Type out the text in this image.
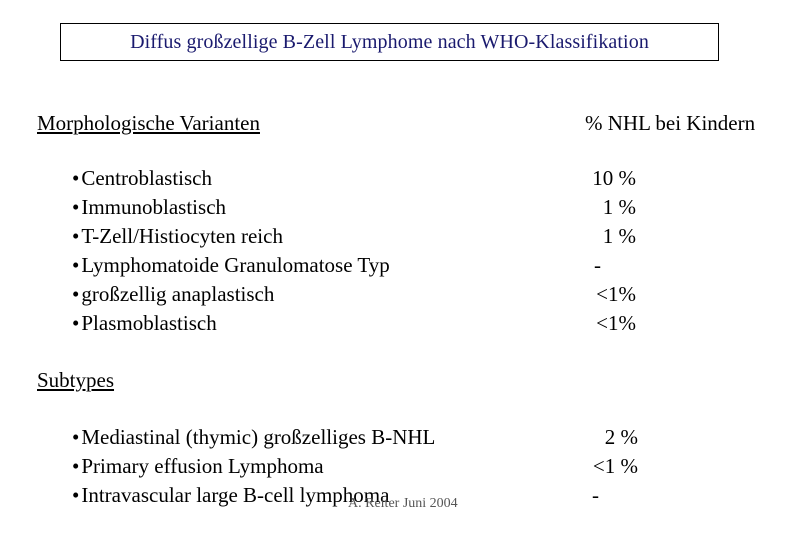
Diffus großzellige B-Zell Lymphome nach WHO-Klassifikation
Morphologische Varianten	% NHL bei Kindern
•Centroblastisch
•Immunoblastisch
•T-Zell/Histiocyten reich
•Lymphomatoide Granulomatose Typ
•großzellig anaplastisch
•Plasmoblastisch
10 %
1 %
1 %
-
<1%
<1%
Subtypes
•Mediastinal (thymic) großzelliges B-NHL
•Primary effusion Lymphoma
•Intravascular large B-cell lymphoma
2 %
<1 %
-
A. Reiter Juni 2004
